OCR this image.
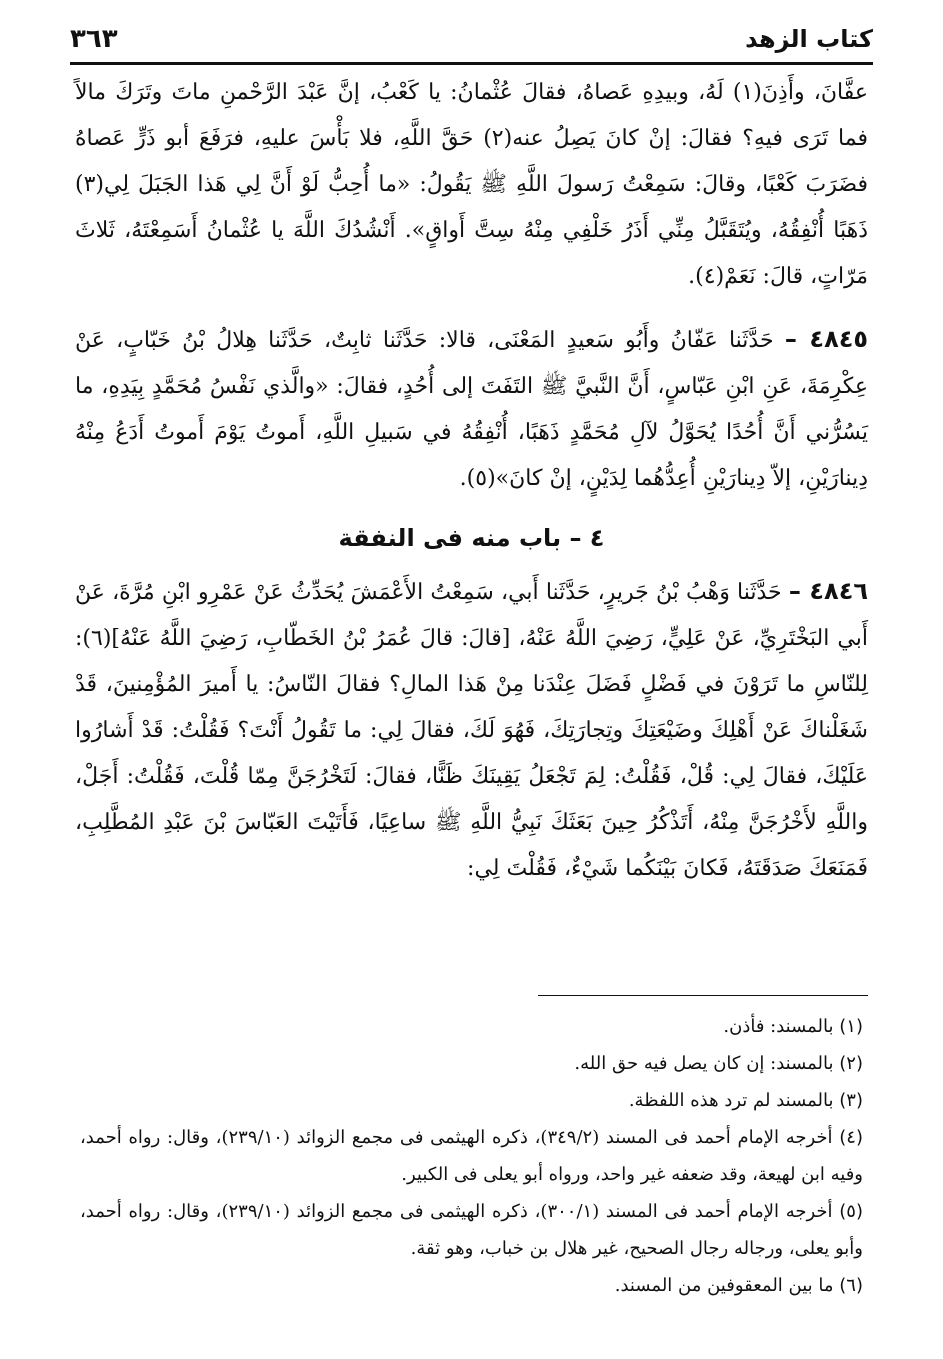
كتاب الزهد
٣٦٣

عفَّانَ، وأَذِنَ(١) لَهُ، وبيدِهِ عَصاهُ، فقالَ عُثْمانُ: يا كَعْبُ، إنَّ عَبْدَ الرَّحْمنِ ماتَ وتَرَكَ مالاً فما تَرَى فيهِ؟ فقالَ: إنْ كانَ يَصِلُ عنه(٢) حَقَّ اللَّهِ، فلا بَأْسَ عليهِ، فرَفَعَ أبو ذَرٍّ عَصاهُ فضَرَبَ كَعْبًا، وقالَ: سَمِعْتُ رَسولَ اللَّهِ ﷺ يَقُولُ: «ما أُحِبُّ لَوْ أَنَّ لِي هَذا الجَبَلَ لِي(٣) ذَهَبًا أُنْفِقُهُ، ويُتَقَبَّلُ مِنِّي أَذَرُ خَلْفِي مِنْهُ سِتَّ أَواقٍ». أَنْشُدُكَ اللَّهَ يا عُثْمانُ أَسَمِعْتَهُ، ثَلاثَ مَرّاتٍ، قالَ: نَعَمْ(٤).

٤٨٤٥ – حَدَّثَنا عَفّانُ وأَبُو سَعيدٍ المَعْنَى، قالا: حَدَّثَنا ثابِتٌ، حَدَّثَنا هِلالُ بْنُ خَبّابٍ، عَنْ عِكْرِمَةَ، عَنِ ابْنِ عَبّاسٍ، أَنَّ النَّبيَّ ﷺ التَفَتَ إلى أُحُدٍ، فقالَ: «والَّذي نَفْسُ مُحَمَّدٍ بِيَدِهِ، ما يَسُرُّني أَنَّ أُحُدًا يُحَوَّلُ لآلِ مُحَمَّدٍ ذَهَبًا، أُنْفِقُهُ في سَبيلِ اللَّهِ، أَموتُ يَوْمَ أَموتُ أَدَعُ مِنْهُ دِينارَيْنِ، إلاّ دِينارَيْنِ أُعِدُّهُما لِدَيْنٍ، إنْ كانَ»(٥).

٤ – باب منه فى النفقة

٤٨٤٦ – حَدَّثَنا وَهْبُ بْنُ جَريرٍ، حَدَّثَنا أَبي، سَمِعْتُ الأَعْمَشَ يُحَدِّثُ عَنْ عَمْرِو ابْنِ مُرَّةَ، عَنْ أَبي البَخْتَرِيِّ، عَنْ عَلِيٍّ، رَضِيَ اللَّهُ عَنْهُ، [قالَ: قالَ عُمَرُ بْنُ الخَطّابِ، رَضِيَ اللَّهُ عَنْهُ](٦): لِلنّاسِ ما تَرَوْنَ في فَضْلٍ فَضَلَ عِنْدَنا مِنْ هَذا المالِ؟ فقالَ النّاسُ: يا أَميرَ المُؤْمِنينَ، قَدْ شَغَلْناكَ عَنْ أَهْلِكَ وضَيْعَتِكَ وتِجارَتِكَ، فَهُوَ لَكَ، فقالَ لِي: ما تَقُولُ أَنْتَ؟ فَقُلْتُ: قَدْ أَشارُوا عَلَيْكَ، فقالَ لِي: قُلْ، فَقُلْتُ: لِمَ تَجْعَلُ يَقِينَكَ ظَنًّا، فقالَ: لَتَخْرُجَنَّ مِمّا قُلْتَ، فَقُلْتُ: أَجَلْ، واللَّهِ لأَخْرُجَنَّ مِنْهُ، أَتَذْكُرُ حِينَ بَعَثَكَ نَبِيُّ اللَّهِ ﷺ ساعِيًا، فَأَتَيْتَ العَبّاسَ بْنَ عَبْدِ المُطَّلِبِ، فَمَنَعَكَ صَدَقَتَهُ، فَكانَ بَيْنَكُما شَيْءٌ، فَقُلْتَ لِي:

(١) بالمسند: فأذن.

(٢) بالمسند: إن كان يصل فيه حق الله.

(٣) بالمسند لم ترد هذه اللفظة.

(٤) أخرجه الإمام أحمد فى المسند (٣٤٩/٢)، ذكره الهيثمى فى مجمع الزوائد (٢٣٩/١٠)، وقال: رواه أحمد، وفيه ابن لهيعة، وقد ضعفه غير واحد، ورواه أبو يعلى فى الكبير.

(٥) أخرجه الإمام أحمد فى المسند (٣٠٠/١)، ذكره الهيثمى فى مجمع الزوائد (٢٣٩/١٠)، وقال: رواه أحمد، وأبو يعلى، ورجاله رجال الصحيح، غير هلال بن خباب، وهو ثقة.

(٦) ما بين المعقوفين من المسند.
